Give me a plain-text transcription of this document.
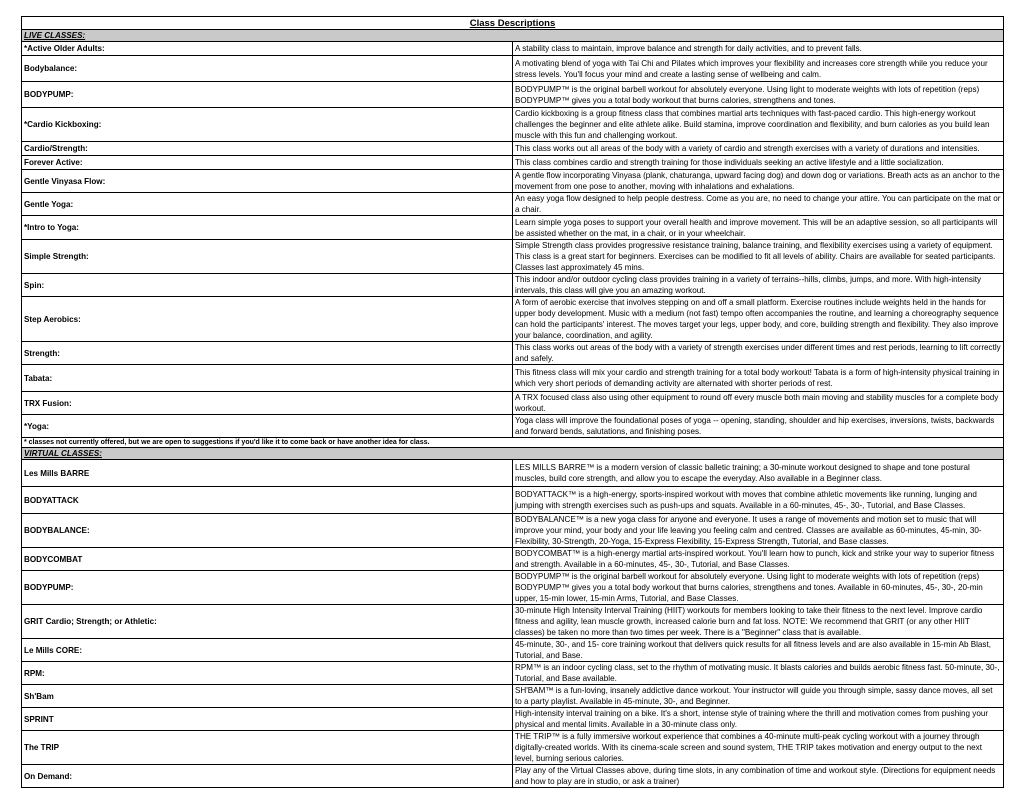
Class Descriptions	
LIVE CLASSES:	
*Active Older Adults:	A stability class to maintain, improve balance and strength for daily activities, and to prevent falls.
Bodybalance:	A motivating blend of yoga with Tai Chi and Pilates which improves your flexibility and increases core strength while you reduce your stress levels. You'll focus your mind and create a lasting sense of wellbeing and calm.
BODYPUMP:	BODYPUMP™ is the original barbell workout for absolutely everyone. Using light to moderate weights with lots of repetition (reps) BODYPUMP™ gives you a total body workout that burns calories, strengthens and tones.
*Cardio Kickboxing:	Cardio kickboxing is a group fitness class that combines martial arts techniques with fast-paced cardio. This high-energy workout challenges the beginner and elite athlete alike. Build stamina, improve coordination and flexibility, and burn calories as you build lean muscle with this fun and challenging workout.
Cardio/Strength:	This class works out all areas of the body with a variety of cardio and strength exercises with a variety of durations and intensities.
Forever Active:	This class combines cardio and strength training for those individuals seeking an active lifestyle and a little socialization.
Gentle Vinyasa Flow:	A gentle flow incorporating Vinyasa (plank, chaturanga, upward facing dog) and down dog or variations. Breath acts as an anchor to the movement from one pose to another, moving with inhalations and exhalations.
Gentle Yoga:	An easy yoga flow designed to help people destress. Come as you are, no need to change your attire. You can participate on the mat or a chair.
*Intro to Yoga:	Learn simple yoga poses to support your overall health and improve movement. This will be an adaptive session, so all participants will be assisted whether on the mat, in a chair, or in your wheelchair.
Simple Strength:	Simple Strength class provides progressive resistance training, balance training, and flexibility exercises using a variety of equipment. This class is a great start for beginners. Exercises can be modified to fit all levels of ability. Chairs are available for seated participants. Classes last approximately 45 mins.
Spin:	This indoor and/or outdoor cycling class provides training in a variety of terrains--hills, climbs, jumps, and more. With high-intensity intervals, this class will give you an amazing workout.
Step Aerobics:	A form of aerobic exercise that involves stepping on and off a small platform. Exercise routines include weights held in the hands for upper body development. Music with a medium (not fast) tempo often accompanies the routine, and learning a choreography sequence can hold the participants' interest. The moves target your legs, upper body, and core, building strength and flexibility. They also improve your balance, coordination, and agility.
Strength:	This class works out areas of the body with a variety of strength exercises under different times and rest periods, learning to lift correctly and safely.
Tabata:	This fitness class will mix your cardio and strength training for a total body workout! Tabata is a form of high-intensity physical training in which very short periods of demanding activity are alternated with shorter periods of rest.
TRX Fusion:	A TRX focused class also using other equipment to round off every muscle both main moving and stability muscles for a complete body workout.
*Yoga:	Yoga class will improve the foundational poses of yoga -- opening, standing, shoulder and hip exercises, inversions, twists, backwards and forward bends, salutations, and finishing poses.
* classes not currently offered, but we are open to suggestions if you'd like it to come back or have another idea for class.	
VIRTUAL CLASSES:	
Les Mills BARRE	LES MILLS BARRE™ is a modern version of classic balletic training; a 30-minute workout designed to shape and tone postural muscles, build core strength, and allow you to escape the everyday. Also available in a Beginner class.
BODYATTACK	BODYATTACK™ is a high-energy, sports-inspired workout with moves that combine athletic movements like running, lunging and jumping with strength exercises such as push-ups and squats. Available in a 60-minutes, 45-, 30-, Tutorial, and Base Classes.
BODYBALANCE:	BODYBALANCE™ is a new yoga class for anyone and everyone. It uses a range of movements and motion set to music that will improve your mind, your body and your life leaving you feeling calm and centred. Classes are available as 60-minutes, 45-min, 30-Flexibility, 30-Strength, 20-Yoga, 15-Express Flexibility, 15-Express Strength, Tutorial, and Base classes.
BODYCOMBAT	BODYCOMBAT™ is a high-energy martial arts-inspired workout. You'll learn how to punch, kick and strike your way to superior fitness and strength. Available in a 60-minutes, 45-, 30-, Tutorial, and Base Classes.
BODYPUMP:	BODYPUMP™ is the original barbell workout for absolutely everyone. Using light to moderate weights with lots of repetition (reps) BODYPUMP™ gives you a total body workout that burns calories, strengthens and tones. Available in 60-minutes, 45-, 30-, 20-min upper, 15-min lower, 15-min Arms, Tutorial, and Base Classes.
GRIT Cardio; Strength; or Athletic:	30-minute High Intensity Interval Training (HIIT) workouts for members looking to take their fitness to the next level. Improve cardio fitness and agility, lean muscle growth, increased calorie burn and fat loss. NOTE: We recommend that GRIT (or any other HIIT classes) be taken no more than two times per week. There is a "Beginner" class that is available.
Le Mills CORE:	45-minute, 30-, and 15- core training workout that delivers quick results for all fitness levels and are also available in 15-min Ab Blast, Tutorial, and Base.
RPM:	RPM™ is an indoor cycling class, set to the rhythm of motivating music. It blasts calories and builds aerobic fitness fast. 50-minute, 30-, Tutorial, and Base available.
Sh'Bam	SH'BAM™ is a fun-loving, insanely addictive dance workout. Your instructor will guide you through simple, sassy dance moves, all set to a party playlist. Available in 45-minute, 30-, and Beginner.
SPRINT	High-intensity interval training on a bike. It's a short, intense style of training where the thrill and motivation comes from pushing your physical and mental limits. Available in a 30-minute class only.
The TRIP	THE TRIP™ is a fully immersive workout experience that combines a 40-minute multi-peak cycling workout with a journey through digitally-created worlds. With its cinema-scale screen and sound system, THE TRIP takes motivation and energy output to the next level, burning serious calories.
On Demand:	Play any of the Virtual Classes above, during time slots, in any combination of time and workout style. (Directions for equipment needs and how to play are in studio, or ask a trainer)
